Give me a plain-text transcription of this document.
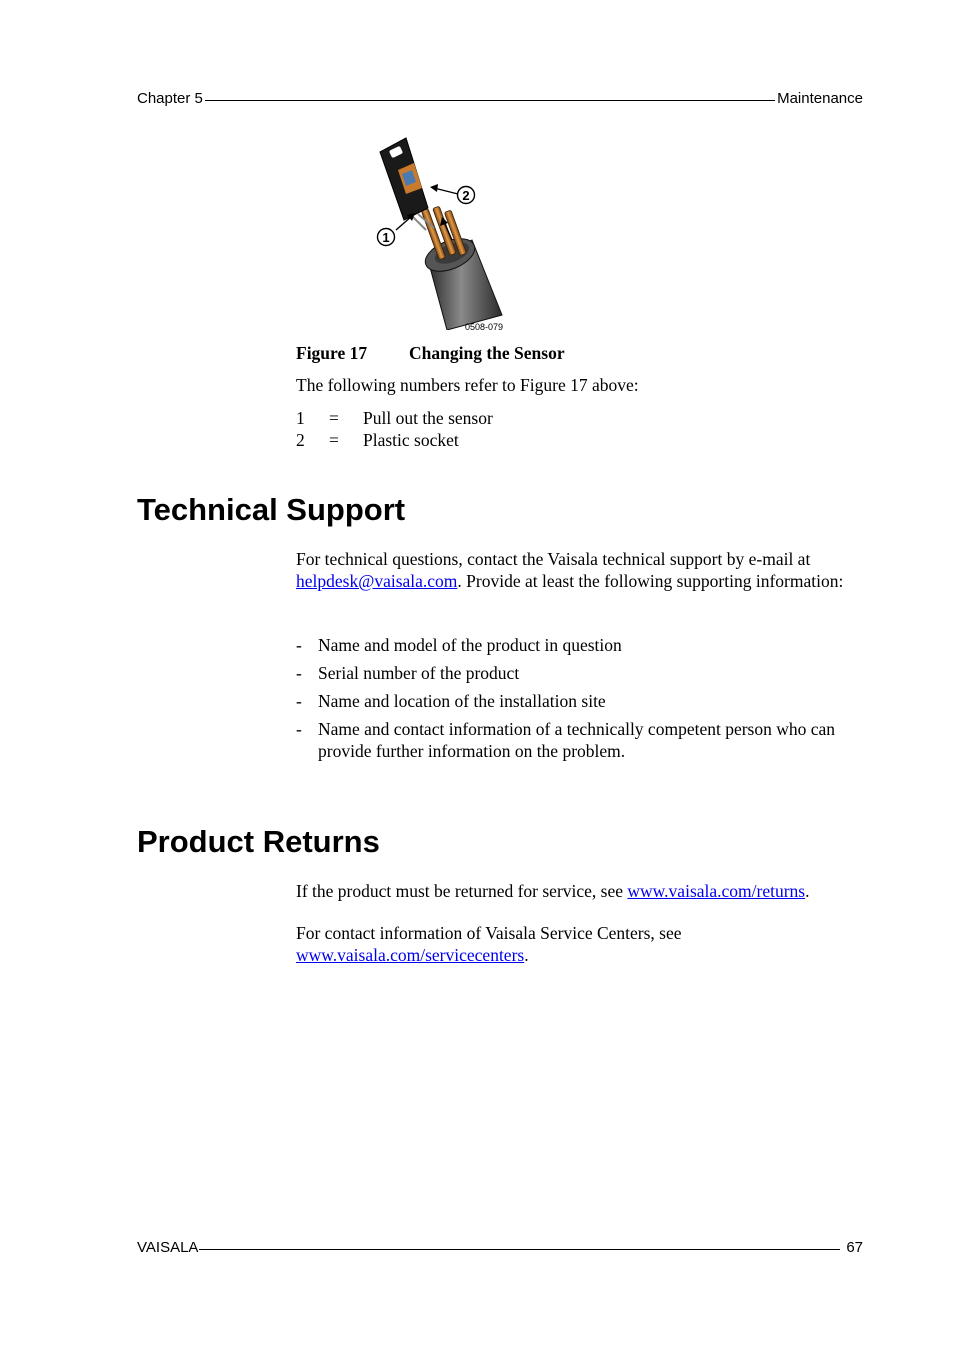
Chapter 5	Maintenance
2
1
0508-079
Figure 17 Changing the Sensor
The following numbers refer to Figure 17 above:
1	=	Pull out the sensor
2	=	Plastic socket
Technical Support
For technical questions, contact the Vaisala technical support by e-mail at
helpdesk@vaisala.com. Provide at least the following supporting information:
- Name and model of the product in question
- Serial number of the product
- Name and location of the installation site
- Name and contact information of a technically competent person who can provide further information on the problem.
Product Returns
If the product must be returned for service, see www.vaisala.com/returns.
For contact information of Vaisala Service Centers, see
www.vaisala.com/servicecenters.
VAISALA	67
